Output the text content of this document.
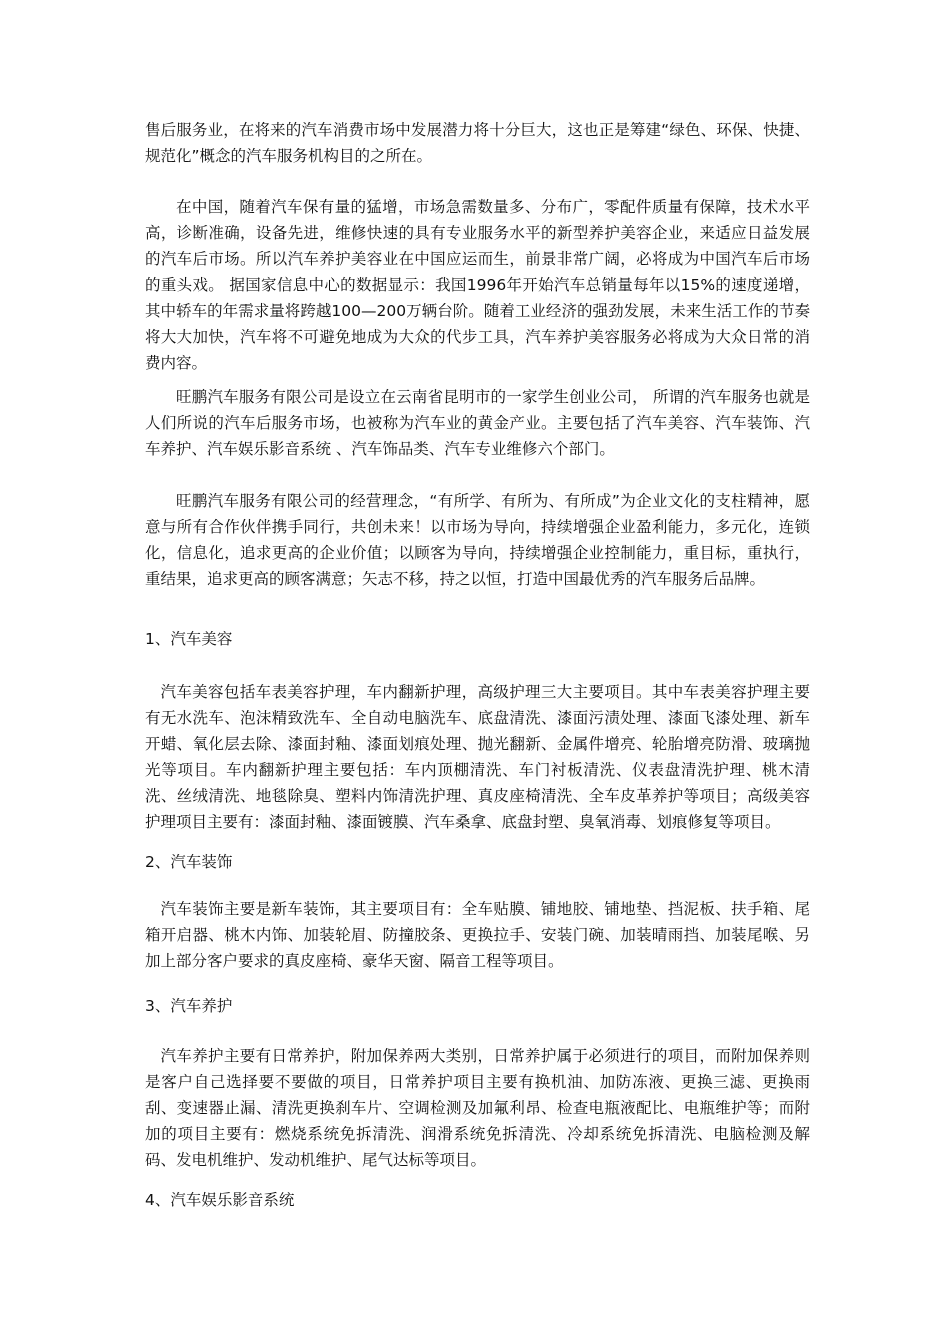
售后服务业，在将来的汽车消费市场中发展潜力将十分巨大，这也正是筹建“绿色、环保、快捷、规范化”概念的汽车服务机构目的之所在。

在中国，随着汽车保有量的猛增，市场急需数量多、分布广，零配件质量有保障，技术水平高，诊断准确，设备先进，维修快速的具有专业服务水平的新型养护美容企业，来适应日益发展的汽车后市场。所以汽车养护美容业在中国应运而生，前景非常广阔，必将成为中国汽车后市场的重头戏。 据国家信息中心的数据显示：我国1996年开始汽车总销量每年以15%的速度递增，其中轿车的年需求量将跨越100—200万辆台阶。随着工业经济的强劲发展，未来生活工作的节奏将大大加快，汽车将不可避免地成为大众的代步工具，汽车养护美容服务必将成为大众日常的消费内容。

旺鹏汽车服务有限公司是设立在云南省昆明市的一家学生创业公司， 所谓的汽车服务也就是人们所说的汽车后服务市场，也被称为汽车业的黄金产业。主要包括了汽车美容、汽车装饰、汽车养护、汽车娱乐影音系统 、汽车饰品类、汽车专业维修六个部门。

旺鹏汽车服务有限公司的经营理念，“有所学、有所为、有所成”为企业文化的支柱精神，愿意与所有合作伙伴携手同行，共创未来！以市场为导向，持续增强企业盈利能力，多元化，连锁化，信息化，追求更高的企业价值；以顾客为导向，持续增强企业控制能力，重目标，重执行，重结果，追求更高的顾客满意；矢志不移，持之以恒，打造中国最优秀的汽车服务后品牌。

1、汽车美容

汽车美容包括车表美容护理，车内翻新护理，高级护理三大主要项目。其中车表美容护理主要有无水洗车、泡沫精致洗车、全自动电脑洗车、底盘清洗、漆面污渍处理、漆面飞漆处理、新车开蜡、氧化层去除、漆面封釉、漆面划痕处理、抛光翻新、金属件增亮、轮胎增亮防滑、玻璃抛光等项目。车内翻新护理主要包括：车内顶棚清洗、车门衬板清洗、仪表盘清洗护理、桃木清洗、丝绒清洗、地毯除臭、塑料内饰清洗护理、真皮座椅清洗、全车皮革养护等项目；高级美容护理项目主要有：漆面封釉、漆面镀膜、汽车桑拿、底盘封塑、臭氧消毒、划痕修复等项目。

2、汽车装饰

汽车装饰主要是新车装饰，其主要项目有：全车贴膜、铺地胶、铺地垫、挡泥板、扶手箱、尾箱开启器、桃木内饰、加装轮眉、防撞胶条、更换拉手、安装门碗、加装晴雨挡、加装尾喉、另加上部分客户要求的真皮座椅、豪华天窗、隔音工程等项目。

3、汽车养护

汽车养护主要有日常养护，附加保养两大类别，日常养护属于必须进行的项目，而附加保养则是客户自己选择要不要做的项目，日常养护项目主要有换机油、加防冻液、更换三滤、更换雨刮、变速器止漏、清洗更换刹车片、空调检测及加氟利昂、检查电瓶液配比、电瓶维护等；而附加的项目主要有：燃烧系统免拆清洗、润滑系统免拆清洗、冷却系统免拆清洗、电脑检测及解码、发电机维护、发动机维护、尾气达标等项目。

4、汽车娱乐影音系统
